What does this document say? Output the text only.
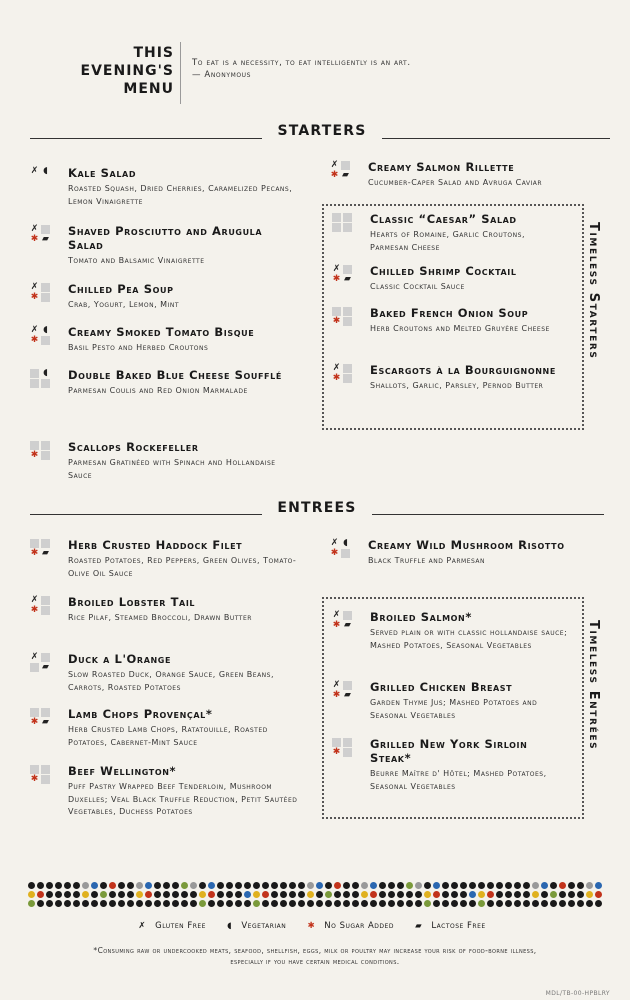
THIS
EVENING'S
MENU
To eat is a necessity, to eat intelligently is an art.
— Anonymous
STARTERS
✗ ◖ Kale Salad
Roasted Squash, Dried Cherries, Caramelized Pecans, Lemon Vinaigrette
✗
✱ ▰
Shaved Prosciutto and Arugula Salad
Tomato and Balsamic Vinaigrette
✗
✱
Chilled Pea Soup
Crab, Yogurt, Lemon, Mint
✗ ◖
✱
Creamy Smoked Tomato Bisque
Basil Pesto and Herbed Croutons
◖ Double Baked Blue Cheese Soufflé
Parmesan Coulis and Red Onion Marmalade
✱
Scallops Rockefeller
Parmesan Gratinéed with Spinach and Hollandaise Sauce
✗
✱ ▰
Creamy Salmon Rillette
Cucumber-Caper Salad and Avruga Caviar
Timeless Starters
Classic “Caesar” Salad
Hearts of Romaine, Garlic Croutons, Parmesan Cheese
✗
✱ ▰
Chilled Shrimp Cocktail
Classic Cocktail Sauce
✱
Baked French Onion Soup
Herb Croutons and Melted Gruyère Cheese
✗
✱
Escargots à la Bourguignonne
Shallots, Garlic, Parsley, Pernod Butter
ENTREES
✱ ▰
Herb Crusted Haddock Filet
Roasted Potatoes, Red Peppers, Green Olives, Tomato-Olive Oil Sauce
✗
✱
Broiled Lobster Tail
Rice Pilaf, Steamed Broccoli, Drawn Butter
✗
▰
Duck a L'Orange
Slow Roasted Duck, Orange Sauce, Green Beans, Carrots, Roasted Potatoes
✱ ▰
Lamb Chops Provençal*
Herb Crusted Lamb Chops, Ratatouille, Roasted Potatoes, Cabernet-Mint Sauce
✱
Beef Wellington*
Puff Pastry Wrapped Beef Tenderloin, Mushroom Duxelles; Veal Black Truffle Reduction, Petit Sautéed Vegetables, Duchess Potatoes
✗ ◖
✱
Creamy Wild Mushroom Risotto
Black Truffle and Parmesan
Timeless Entrées
✗
✱ ▰
Broiled Salmon*
Served plain or with classic hollandaise sauce; Mashed Potatoes, Seasonal Vegetables
✗
✱ ▰
Grilled Chicken Breast
Garden Thyme Jus; Mashed Potatoes and Seasonal Vegetables
✱
Grilled New York Sirloin Steak*
Beurre Maître d' Hôtel; Mashed Potatoes, Seasonal Vegetables
✗ Gluten Free ◖ Vegetarian ✱ No Sugar Added ▰ Lactose Free
*Consuming raw or undercooked meats, seafood, shellfish, eggs, milk or poultry may increase your risk of food-borne illness, especially if you have certain medical conditions.
MDL/TB-00-HPBLRY
